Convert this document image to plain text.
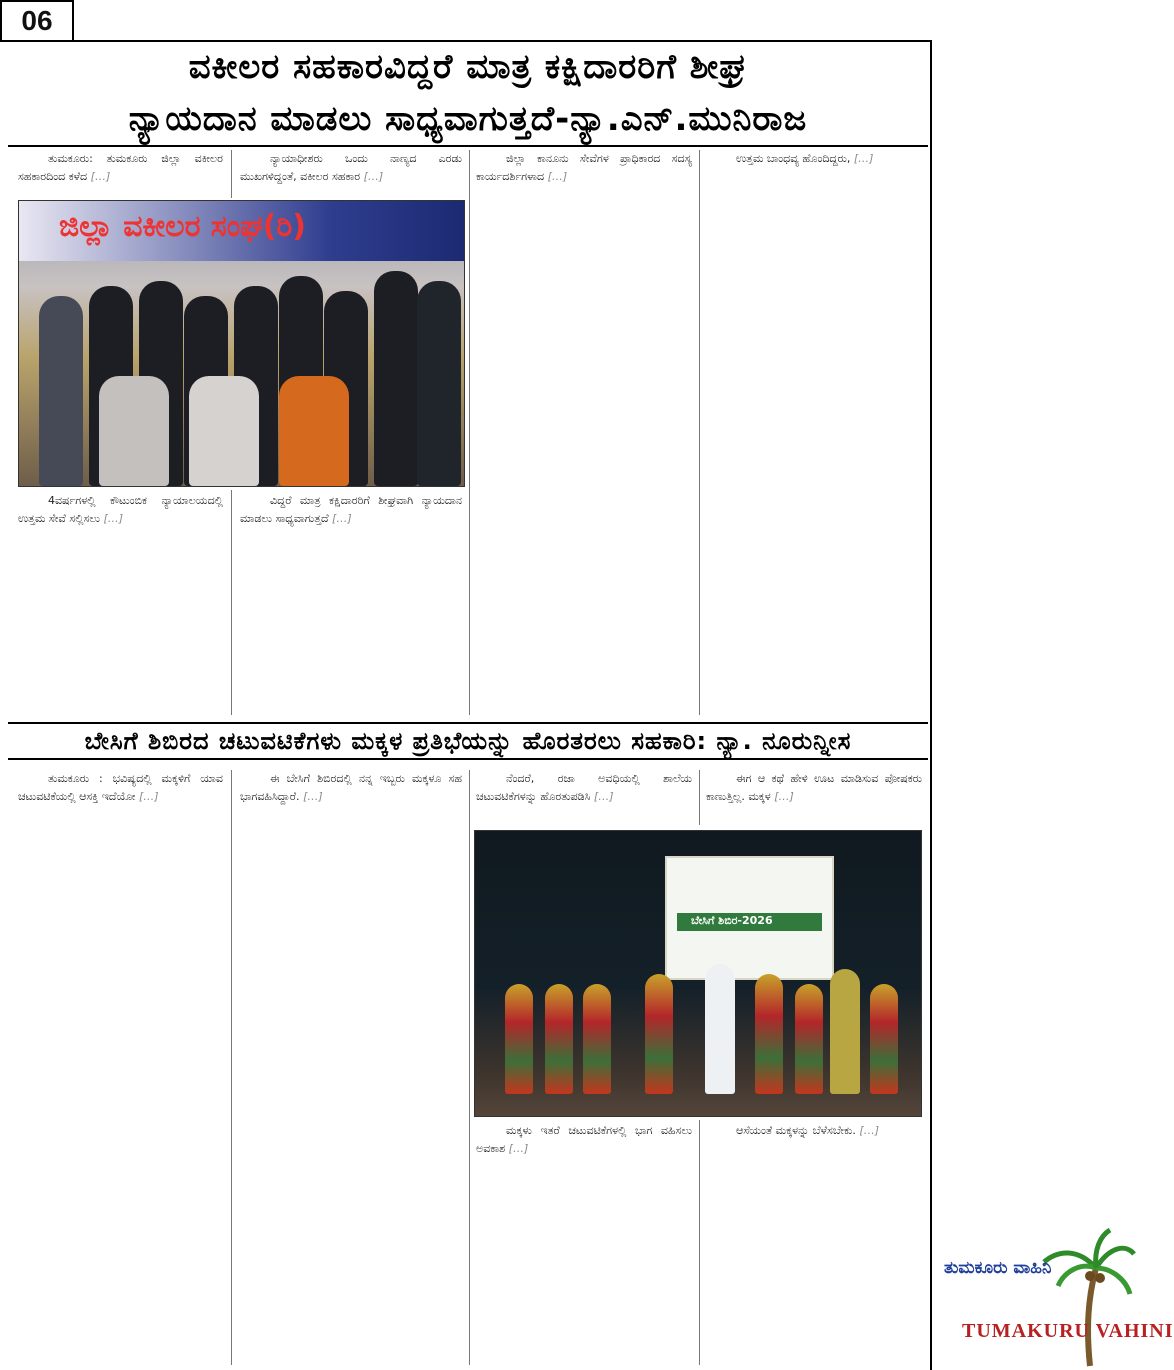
06
ವಕೀಲರ ಸಹಕಾರವಿದ್ದರೆ ಮಾತ್ರ ಕಕ್ಷಿದಾರರಿಗೆ ಶೀಘ್ರ
ನ್ಯಾಯದಾನ ಮಾಡಲು ಸಾಧ್ಯವಾಗುತ್ತದೆ-ನ್ಯಾ.ಎನ್.ಮುನಿರಾಜ

ತುಮಕೂರು: ತುಮಕೂರು ಜಿಲ್ಲಾ ವಕೀಲರ ಸಹಕಾರದಿಂದ ಕಳೆದ […]

ನ್ಯಾಯಾಧೀಶರು ಒಂದು ನಾಣ್ಯದ ಎರಡು ಮುಖಗಳಿದ್ದಂತೆ, ವಕೀಲರ ಸಹಕಾರ […]

ಜಿಲ್ಲಾ ವಕೀಲರ ಸಂಘ(ರಿ)

ಜಿಲ್ಲಾ ಕಾನೂನು ಸೇವೆಗಳ ಪ್ರಾಧಿಕಾರದ ಸದಸ್ಯ ಕಾರ್ಯದರ್ಶಿಗಳಾದ […]

ಉತ್ತಮ ಬಾಂಧವ್ಯ ಹೊಂದಿದ್ದರು, […]

4ವರ್ಷಗಳಲ್ಲಿ ಕೌಟುಂಬಿಕ ನ್ಯಾಯಾಲಯದಲ್ಲಿ ಉತ್ತಮ ಸೇವೆ ಸಲ್ಲಿಸಲು […]

ವಿದ್ದರೆ ಮಾತ್ರ ಕಕ್ಷಿದಾರರಿಗೆ ಶೀಘ್ರವಾಗಿ ನ್ಯಾಯದಾನ ಮಾಡಲು ಸಾಧ್ಯವಾಗುತ್ತದೆ […]

ಬೇಸಿಗೆ ಶಿಬಿರದ ಚಟುವಟಿಕೆಗಳು ಮಕ್ಕಳ ಪ್ರತಿಭೆಯನ್ನು ಹೊರತರಲು ಸಹಕಾರಿ: ನ್ಯಾ. ನೂರುನ್ನೀಸ

ತುಮಕೂರು : ಭವಿಷ್ಯದಲ್ಲಿ ಮಕ್ಕಳಿಗೆ ಯಾವ ಚಟುವಟಿಕೆಯಲ್ಲಿ ಆಸಕ್ತಿ ಇದೆಯೋ […]

ಈ ಬೇಸಿಗೆ ಶಿಬಿರದಲ್ಲಿ ನನ್ನ ಇಬ್ಬರು ಮಕ್ಕಳೂ ಸಹ ಭಾಗವಹಿಸಿದ್ದಾರೆ. […]

ನೆಂದರೆ, ರಜಾ ಅವಧಿಯಲ್ಲಿ ಶಾಲೆಯ ಚಟುವಟಿಕೆಗಳನ್ನು ಹೊರತುಪಡಿಸಿ […]

ಈಗ ಆ ಕಥೆ ಹೇಳಿ ಊಟ ಮಾಡಿಸುವ ಪೋಷಕರು ಕಾಣುತ್ತಿಲ್ಲ. ಮಕ್ಕಳ […]

ಬೇಸಿಗೆ ಶಿಬಿರ-2026

ಮಕ್ಕಳು ಇತರೆ ಚಟುವಟಿಕೆಗಳಲ್ಲಿ ಭಾಗ ವಹಿಸಲು ಅವಕಾಶ […]

ಆಸೆಯಂತೆ ಮಕ್ಕಳನ್ನು ಬೆಳೆಸಬೇಕು. […]

ತುಮಕೂರು ವಾಹಿನಿ
TUMAKURU VAHINI
